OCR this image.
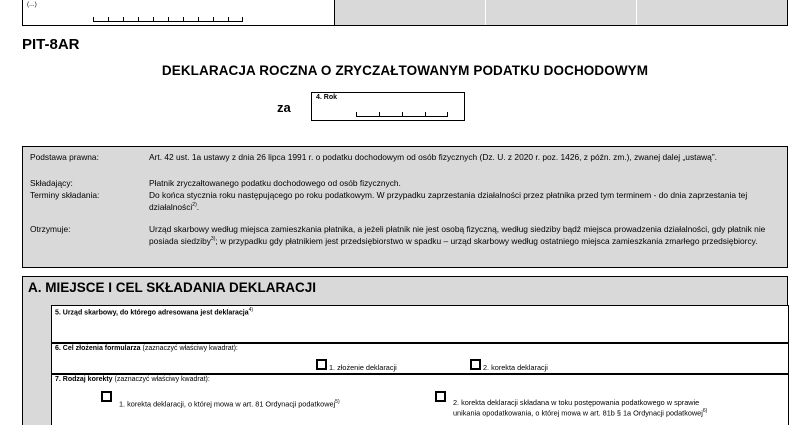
(...)
PIT-8AR
DEKLARACJA ROCZNA O ZRYCZAŁTOWANYM PODATKU DOCHODOWYM
za
4. Rok
Podstawa prawna:	Art. 42 ust. 1a ustawy z dnia 26 lipca 1991 r. o podatku dochodowym od osób fizycznych (Dz. U. z 2020 r. poz. 1426, z późn. zm.), zwanej dalej „ustawą”.
Składający:	Płatnik zryczałtowanego podatku dochodowego od osób fizycznych.
Terminy składania:	Do końca stycznia roku następującego po roku podatkowym. W przypadku zaprzestania działalności przez płatnika przed tym terminem - do dnia zaprzestania tej działalności$^{2)}$.
Otrzymuje:	Urząd skarbowy według miejsca zamieszkania płatnika, a jeżeli płatnik nie jest osobą fizyczną, według siedziby bądź miejsca prowadzenia działalności, gdy płatnik nie posiada siedziby$^{3)}$; w przypadku gdy płatnikiem jest przedsiębiorstwo w spadku – urząd skarbowy według ostatniego miejsca zamieszkania zmarłego przedsiębiorcy.
A. MIEJSCE I CEL SKŁADANIA DEKLARACJI
5. Urząd skarbowy, do którego adresowana jest deklaracja$^{4)}$
6. Cel złożenia formularza (zaznaczyć właściwy kwadrat):
1. złożenie deklaracji	2. korekta deklaracji
7. Rodzaj korekty (zaznaczyć właściwy kwadrat):
1. korekta deklaracji, o której mowa w art. 81 Ordynacji podatkowej$^{5)}$	2. korekta deklaracji składana w toku postępowania podatkowego w sprawie
unikania opodatkowania, o której mowa w art. 81b § 1a Ordynacji podatkowej$^{6)}$
